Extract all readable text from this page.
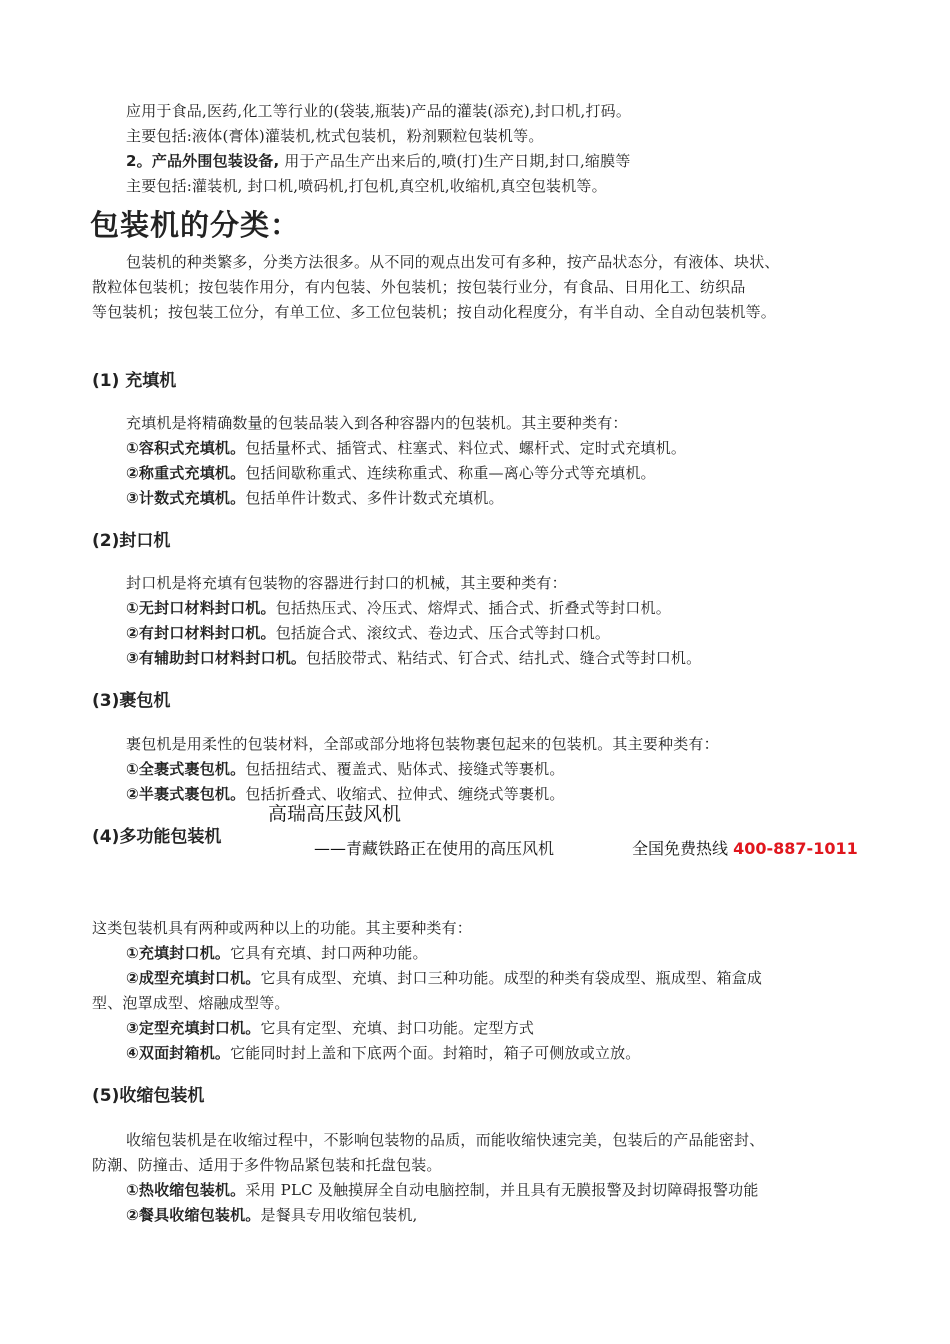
应用于食品,医药,化工等行业的(袋装,瓶装)产品的灌装(添充),封口机,打码。
主要包括:液体(膏体)灌装机,枕式包装机，粉剂颗粒包装机等。
2。产品外围包装设备, 用于产品生产出来后的,喷(打)生产日期,封口,缩膜等
主要包括:灌装机, 封口机,喷码机,打包机,真空机,收缩机,真空包装机等。
包装机的分类：
包装机的种类繁多，分类方法很多。从不同的观点出发可有多种，按产品状态分，有液体、块状、
散粒体包装机；按包装作用分，有内包装、外包装机；按包装行业分，有食品、日用化工、纺织品
等包装机；按包装工位分，有单工位、多工位包装机；按自动化程度分，有半自动、全自动包装机等。
(1) 充填机
充填机是将精确数量的包装品装入到各种容器内的包装机。其主要种类有：
①容积式充填机。包括量杯式、插管式、柱塞式、料位式、螺杆式、定时式充填机。
②称重式充填机。包括间歇称重式、连续称重式、称重—离心等分式等充填机。
③计数式充填机。包括单件计数式、多件计数式充填机。
(2)封口机
封口机是将充填有包装物的容器进行封口的机械，其主要种类有：
①无封口材料封口机。包括热压式、冷压式、熔焊式、插合式、折叠式等封口机。
②有封口材料封口机。包括旋合式、滚纹式、卷边式、压合式等封口机。
③有辅助封口材料封口机。包括胶带式、粘结式、钉合式、结扎式、缝合式等封口机。
(3)裹包机
裹包机是用柔性的包装材料，全部或部分地将包装物裹包起来的包装机。其主要种类有：
①全裹式裹包机。包括扭结式、覆盖式、贴体式、接缝式等裹机。
②半裹式裹包机。包括折叠式、收缩式、拉伸式、缠绕式等裹机。
高瑞高压鼓风机
——青藏铁路正在使用的高压风机	全国免费热线 400-887-1011
(4)多功能包装机
这类包装机具有两种或两种以上的功能。其主要种类有：
①充填封口机。它具有充填、封口两种功能。
②成型充填封口机。它具有成型、充填、封口三种功能。成型的种类有袋成型、瓶成型、箱盒成
型、泡罩成型、熔融成型等。
③定型充填封口机。它具有定型、充填、封口功能。定型方式
④双面封箱机。它能同时封上盖和下底两个面。封箱时，箱子可侧放或立放。
(5)收缩包装机
收缩包装机是在收缩过程中，不影响包装物的品质，而能收缩快速完美，包装后的产品能密封、
防潮、防撞击、适用于多件物品紧包装和托盘包装。
①热收缩包装机。采用 PLC 及触摸屏全自动电脑控制，并且具有无膜报警及封切障碍报警功能
②餐具收缩包装机。是餐具专用收缩包装机,
